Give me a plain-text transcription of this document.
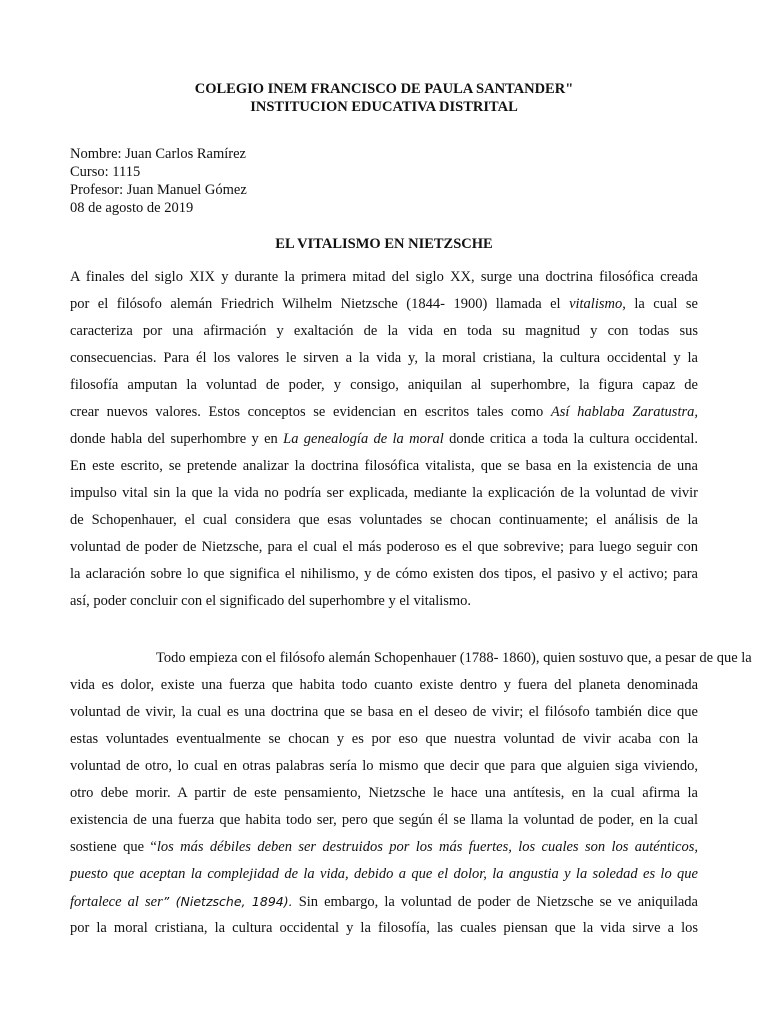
COLEGIO INEM FRANCISCO DE PAULA SANTANDER"
INSTITUCION EDUCATIVA DISTRITAL
Nombre: Juan Carlos Ramírez
Curso: 1115
Profesor: Juan Manuel Gómez
08 de agosto de 2019
EL VITALISMO EN NIETZSCHE
A finales del siglo XIX y durante la primera mitad del siglo XX, surge una doctrina filosófica creada
por el filósofo alemán Friedrich Wilhelm Nietzsche (1844- 1900) llamada el vitalismo, la cual se
caracteriza por una afirmación y exaltación de la vida en toda su magnitud y con todas sus
consecuencias. Para él los valores le sirven a la vida y, la moral cristiana, la cultura occidental y la
filosofía amputan la voluntad de poder, y consigo, aniquilan al superhombre, la figura capaz de
crear nuevos valores. Estos conceptos se evidencian en escritos tales como Así hablaba Zaratustra,
donde habla del superhombre y en La genealogía de la moral donde critica a toda la cultura occidental.
En este escrito, se pretende analizar la doctrina filosófica vitalista, que se basa en la existencia de una
impulso vital sin la que la vida no podría ser explicada, mediante la explicación de la voluntad de vivir
de Schopenhauer, el cual considera que esas voluntades se chocan continuamente; el análisis de la
voluntad de poder de Nietzsche, para el cual el más poderoso es el que sobrevive; para luego seguir con
la aclaración sobre lo que significa el nihilismo, y de cómo existen dos tipos, el pasivo y el activo; para
así, poder concluir con el significado del superhombre y el vitalismo.
Todo empieza con el filósofo alemán Schopenhauer (1788- 1860), quien sostuvo que, a pesar de que la
vida es dolor, existe una fuerza que habita todo cuanto existe dentro y fuera del planeta denominada
voluntad de vivir, la cual es una doctrina que se basa en el deseo de vivir; el filósofo también dice que
estas voluntades eventualmente se chocan y es por eso que nuestra voluntad de vivir acaba con la
voluntad de otro, lo cual en otras palabras sería lo mismo que decir que para que alguien siga viviendo,
otro debe morir. A partir de este pensamiento, Nietzsche le hace una antítesis, en la cual afirma la
existencia de una fuerza que habita todo ser, pero que según él se llama la voluntad de poder, en la cual
sostiene que “los más débiles deben ser destruidos por los más fuertes, los cuales son los auténticos,
puesto que aceptan la complejidad de la vida, debido a que el dolor, la angustia y la soledad es lo que
fortalece al ser” (Nietzsche, 1894). Sin embargo, la voluntad de poder de Nietzsche se ve aniquilada
por la moral cristiana, la cultura occidental y la filosofía, las cuales piensan que la vida sirve a los
